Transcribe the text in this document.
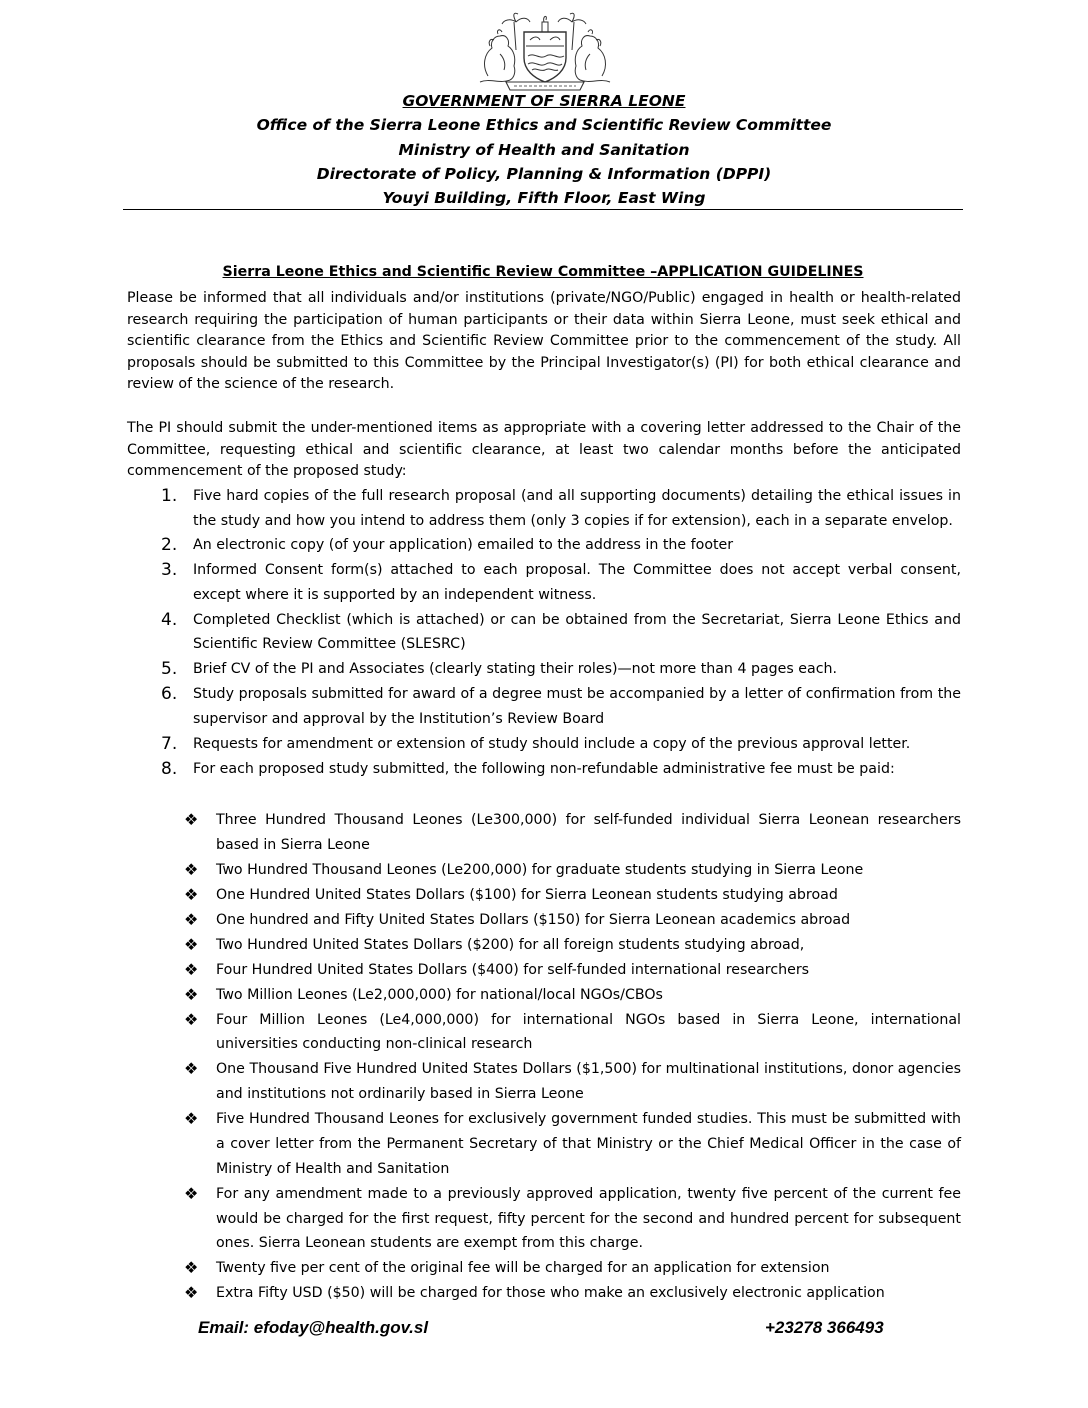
GOVERNMENT OF SIERRA LEONE
Office of the Sierra Leone Ethics and Scientific Review Committee
Ministry of Health and Sanitation
Directorate of Policy, Planning & Information (DPPI)
Youyi Building, Fifth Floor, East Wing
Sierra Leone Ethics and Scientific Review Committee –APPLICATION GUIDELINES
Please be informed that all individuals and/or institutions (private/NGO/Public) engaged in health or health-related research requiring the participation of human participants or their data within Sierra Leone, must seek ethical and scientific clearance from the Ethics and Scientific Review Committee prior to the commencement of the study. All proposals should be submitted to this Committee by the Principal Investigator(s) (PI) for both ethical clearance and review of the science of the research.
The PI should submit the under-mentioned items as appropriate with a covering letter addressed to the Chair of the Committee, requesting ethical and scientific clearance, at least two calendar months before the anticipated commencement of the proposed study:
1. Five hard copies of the full research proposal (and all supporting documents) detailing the ethical issues in the study and how you intend to address them (only 3 copies if for extension), each in a separate envelop.
2. An electronic copy (of your application) emailed to the address in the footer
3. Informed Consent form(s) attached to each proposal. The Committee does not accept verbal consent, except where it is supported by an independent witness.
4. Completed Checklist (which is attached) or can be obtained from the Secretariat, Sierra Leone Ethics and Scientific Review Committee (SLESRC)
5. Brief CV of the PI and Associates (clearly stating their roles)—not more than 4 pages each.
6. Study proposals submitted for award of a degree must be accompanied by a letter of confirmation from the supervisor and approval by the Institution’s Review Board
7. Requests for amendment or extension of study should include a copy of the previous approval letter.
8. For each proposed study submitted, the following non-refundable administrative fee must be paid:
❖ Three Hundred Thousand Leones (Le300,000) for self-funded individual Sierra Leonean researchers based in Sierra Leone
❖ Two Hundred Thousand Leones (Le200,000) for graduate students studying in Sierra Leone
❖ One Hundred United States Dollars ($100) for Sierra Leonean students studying abroad
❖ One hundred and Fifty United States Dollars ($150) for Sierra Leonean academics abroad
❖ Two Hundred United States Dollars ($200) for all foreign students studying abroad,
❖ Four Hundred United States Dollars ($400) for self-funded international researchers
❖ Two Million Leones (Le2,000,000) for national/local NGOs/CBOs
❖ Four Million Leones (Le4,000,000) for international NGOs based in Sierra Leone, international universities conducting non-clinical research
❖ One Thousand Five Hundred United States Dollars ($1,500) for multinational institutions, donor agencies and institutions not ordinarily based in Sierra Leone
❖ Five Hundred Thousand Leones for exclusively government funded studies. This must be submitted with a cover letter from the Permanent Secretary of that Ministry or the Chief Medical Officer in the case of Ministry of Health and Sanitation
❖ For any amendment made to a previously approved application, twenty five percent of the current fee would be charged for the first request, fifty percent for the second and hundred percent for subsequent ones. Sierra Leonean students are exempt from this charge.
❖ Twenty five per cent of the original fee will be charged for an application for extension
❖ Extra Fifty USD ($50) will be charged for those who make an exclusively electronic application
Email: efoday@health.gov.sl	+23278 366493
